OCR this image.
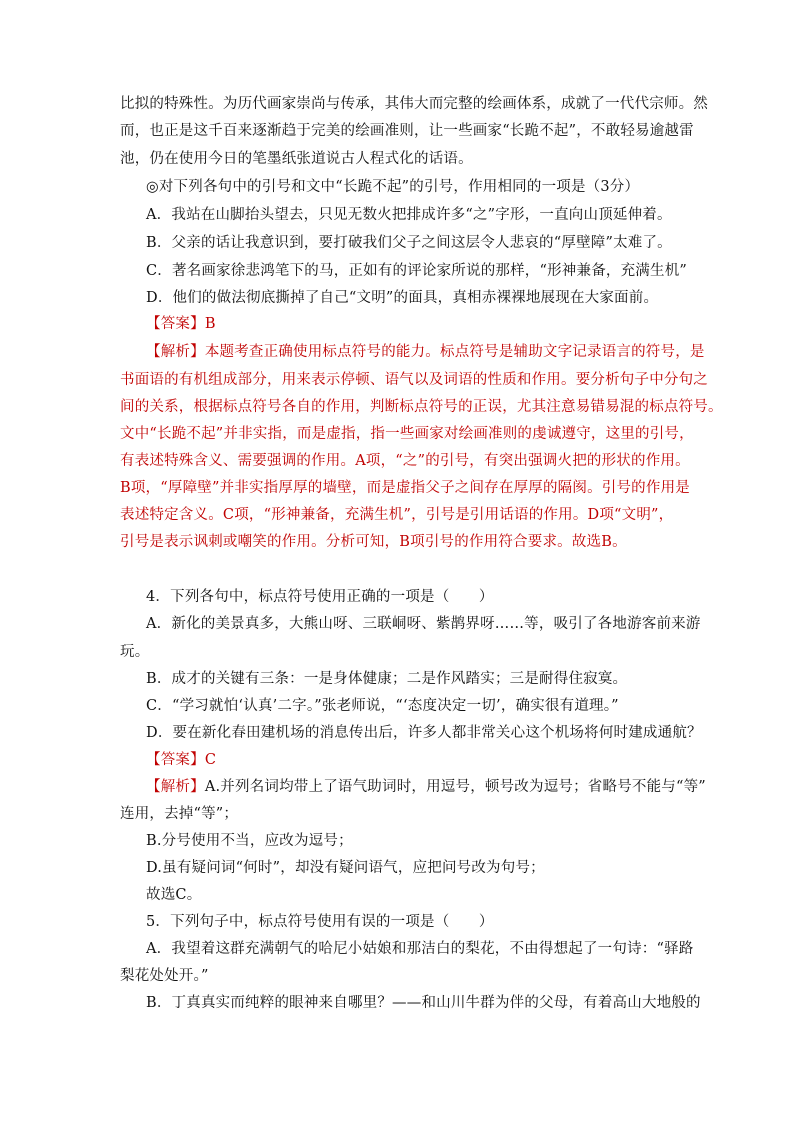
比拟的特殊性。为历代画家崇尚与传承，其伟大而完整的绘画体系，成就了一代代宗师。然
而，也正是这千百来逐渐趋于完美的绘画准则，让一些画家“长跪不起”，不敢轻易逾越雷
池，仍在使用今日的笔墨纸张道说古人程式化的话语。
◎对下列各句中的引号和文中“长跪不起”的引号，作用相同的一项是（3分）
A．我站在山脚抬头望去，只见无数火把排成许多“之”字形，一直向山顶延伸着。
B．父亲的话让我意识到，要打破我们父子之间这层令人悲哀的“厚壁障”太难了。
C．著名画家徐悲鸿笔下的马，正如有的评论家所说的那样，“形神兼备，充满生机”
D．他们的做法彻底撕掉了自己“文明”的面具，真相赤裸裸地展现在大家面前。
【答案】B
【解析】本题考查正确使用标点符号的能力。标点符号是辅助文字记录语言的符号，是
书面语的有机组成部分，用来表示停顿、语气以及词语的性质和作用。要分析句子中分句之
间的关系，根据标点符号各自的作用，判断标点符号的正误，尤其注意易错易混的标点符号。
文中“长跪不起”并非实指，而是虚指，指一些画家对绘画准则的虔诚遵守，这里的引号，
有表述特殊含义、需要强调的作用。A项，“之”的引号，有突出强调火把的形状的作用。
B项，“厚障壁”并非实指厚厚的墙壁，而是虚指父子之间存在厚厚的隔阂。引号的作用是
表述特定含义。C项，“形神兼备，充满生机”，引号是引用话语的作用。D项“文明”，
引号是表示讽刺或嘲笑的作用。分析可知，B项引号的作用符合要求。故选B。
4．下列各句中，标点符号使用正确的一项是（　　）
A．新化的美景真多，大熊山呀、三联峒呀、紫鹊界呀……等，吸引了各地游客前来游
玩。
B．成才的关键有三条：一是身体健康；二是作风踏实；三是耐得住寂寞。
C．“学习就怕‘认真’二字。”张老师说，“‘态度决定一切’，确实很有道理。”
D．要在新化春田建机场的消息传出后，许多人都非常关心这个机场将何时建成通航？
【答案】C
【解析】A.并列名词均带上了语气助词时，用逗号，顿号改为逗号；省略号不能与“等”
连用，去掉“等”；
B.分号使用不当，应改为逗号；
D.虽有疑问词“何时”，却没有疑问语气，应把问号改为句号；
故选C。
5．下列句子中，标点符号使用有误的一项是（　　）
A．我望着这群充满朝气的哈尼小姑娘和那洁白的梨花，不由得想起了一句诗：“驿路
梨花处处开。”
B．丁真真实而纯粹的眼神来自哪里？——和山川牛群为伴的父母，有着高山大地般的
